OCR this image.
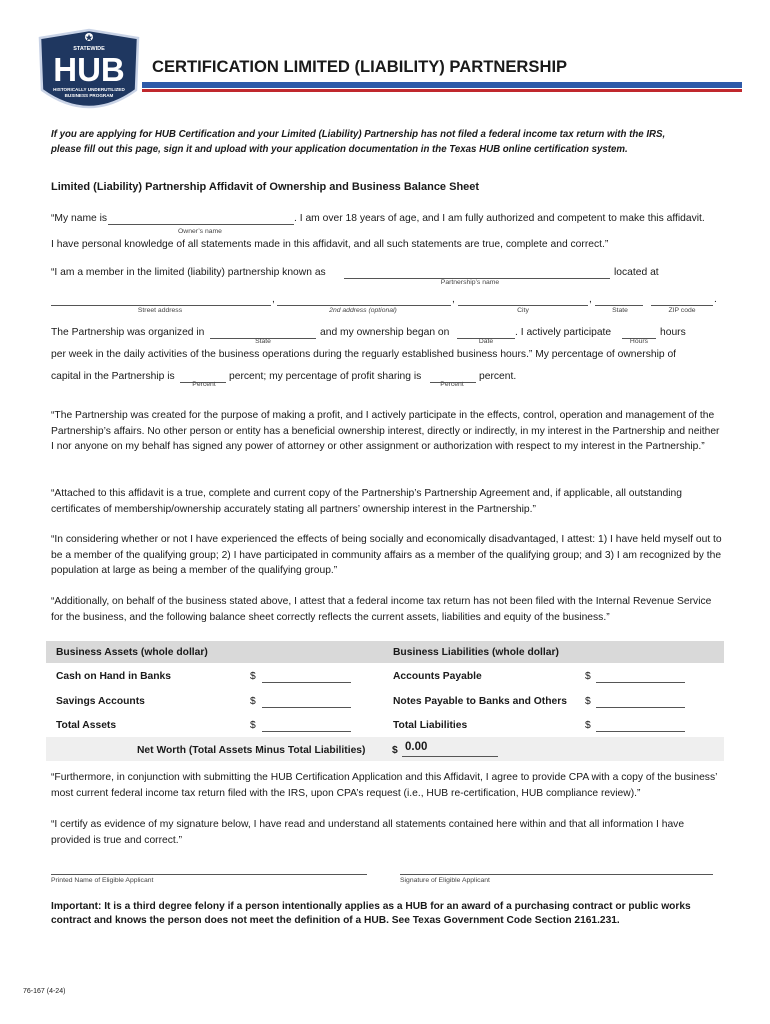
STATEWIDE
HUB
HISTORICALLY UNDERUTILIZED
BUSINESS PROGRAM
CERTIFICATION LIMITED (LIABILITY) PARTNERSHIP
If you are applying for HUB Certification and your Limited (Liability) Partnership has not filed a federal income tax return with the IRS,
please fill out this page, sign it and upload with your application documentation in the Texas HUB online certification system.
Limited (Liability) Partnership Affidavit of Ownership and Business Balance Sheet
“My name is	. I am over 18 years of age, and I am fully authorized and competent to make this affidavit.
Owner’s name
I have personal knowledge of all statements made in this affidavit, and all such statements are true, complete and correct.”
“I am a member in the limited (liability) partnership known as	located at
Partnership’s name
,	,	,	.
Street address	2nd address (optional)	City	State	ZIP code
The Partnership was organized in	and my ownership began on	. I actively participate	hours
State	Date	Hours
per week in the daily activities of the business operations during the reguarly established business hours.” My percentage of ownership of
capital in the Partnership is	percent; my percentage of profit sharing is	percent.
Percent	Percent
“The Partnership was created for the purpose of making a profit, and I actively participate in the effects, control, operation and management of the Partnership’s affairs. No other person or entity has a beneficial ownership interest, directly or indirectly, in my interest in the Partnership and neither I nor anyone on my behalf has signed any power of attorney or other assignment or authorization with respect to my interest in the Partnership.”
“Attached to this affidavit is a true, complete and current copy of the Partnership’s Partnership Agreement and, if applicable, all outstanding certificates of membership/ownership accurately stating all partners’ ownership interest in the Partnership.”
“In considering whether or not I have experienced the effects of being socially and economically disadvantaged, I attest: 1) I have held myself out to be a member of the qualifying group; 2) I have participated in community affairs as a member of the qualifying group; and 3) I am recognized by the population at large as being a member of the qualifying group.”
“Additionally, on behalf of the business stated above, I attest that a federal income tax return has not been filed with the Internal Revenue Service for the business, and the following balance sheet correctly reflects the current assets, liabilities and equity of the business.”
Business Assets (whole dollar)	Business Liabilities (whole dollar)
Cash on Hand in Banks	$	Accounts Payable	$
Savings Accounts	$	Notes Payable to Banks and Others $
Total Assets	$	Total Liabilities	$
Net Worth (Total Assets Minus Total Liabilities)	$ 0.00
“Furthermore, in conjunction with submitting the HUB Certification Application and this Affidavit, I agree to provide CPA with a copy of the business’ most current federal income tax return filed with the IRS, upon CPA’s request (i.e., HUB re-certification, HUB compliance review).”
“I certify as evidence of my signature below, I have read and understand all statements contained here within and that all information I have provided is true and correct.”
Printed Name of Eligible Applicant	Signature of Eligible Applicant
Important: It is a third degree felony if a person intentionally applies as a HUB for an award of a purchasing contract or public works
contract and knows the person does not meet the definition of a HUB. See Texas Government Code Section 2161.231.
76-167 (4-24)
